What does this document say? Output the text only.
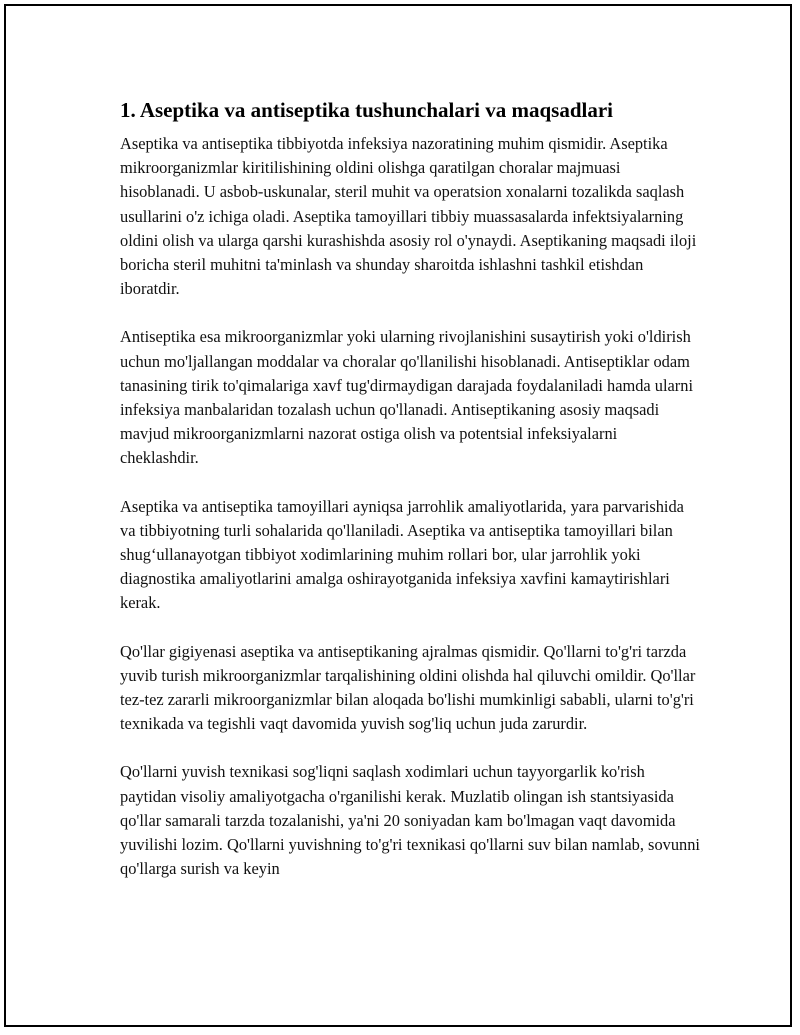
1. Aseptika va antiseptika tushunchalari va maqsadlari

Aseptika va antiseptika tibbiyotda infeksiya nazoratining muhim qismidir. Aseptika mikroorganizmlar kiritilishining oldini olishga qaratilgan choralar majmuasi hisoblanadi. U asbob-uskunalar, steril muhit va operatsion xonalarni tozalikda saqlash usullarini o'z ichiga oladi. Aseptika tamoyillari tibbiy muassasalarda infektsiyalarning oldini olish va ularga qarshi kurashishda asosiy rol o'ynaydi. Aseptikaning maqsadi iloji boricha steril muhitni ta'minlash va shunday sharoitda ishlashni tashkil etishdan iboratdir.

Antiseptika esa mikroorganizmlar yoki ularning rivojlanishini susaytirish yoki o'ldirish uchun mo'ljallangan moddalar va choralar qo'llanilishi hisoblanadi. Antiseptiklar odam tanasining tirik to'qimalariga xavf tug'dirmaydigan darajada foydalaniladi hamda ularni infeksiya manbalaridan tozalash uchun qo'llanadi. Antiseptikaning asosiy maqsadi mavjud mikroorganizmlarni nazorat ostiga olish va potentsial infeksiyalarni cheklashdir.

Aseptika va antiseptika tamoyillari ayniqsa jarrohlik amaliyotlarida, yara parvarishida va tibbiyotning turli sohalarida qo'llaniladi. Aseptika va antiseptika tamoyillari bilan shug‘ullanayotgan tibbiyot xodimlarining muhim rollari bor, ular jarrohlik yoki diagnostika amaliyotlarini amalga oshirayotganida infeksiya xavfini kamaytirishlari kerak.

Qo'llar gigiyenasi aseptika va antiseptikaning ajralmas qismidir. Qo'llarni to'g'ri tarzda yuvib turish mikroorganizmlar tarqalishining oldini olishda hal qiluvchi omildir. Qo'llar tez-tez zararli mikroorganizmlar bilan aloqada bo'lishi mumkinligi sababli, ularni to'g'ri texnikada va tegishli vaqt davomida yuvish sog'liq uchun juda zarurdir.

Qo'llarni yuvish texnikasi sog'liqni saqlash xodimlari uchun tayyorgarlik ko'rish paytidan visoliy amaliyotgacha o'rganilishi kerak. Muzlatib olingan ish stantsiyasida qo'llar samarali tarzda tozalanishi, ya'ni 20 soniyadan kam bo'lmagan vaqt davomida yuvilishi lozim. Qo'llarni yuvishning to'g'ri texnikasi qo'llarni suv bilan namlab, sovunni qo'llarga surish va keyin
